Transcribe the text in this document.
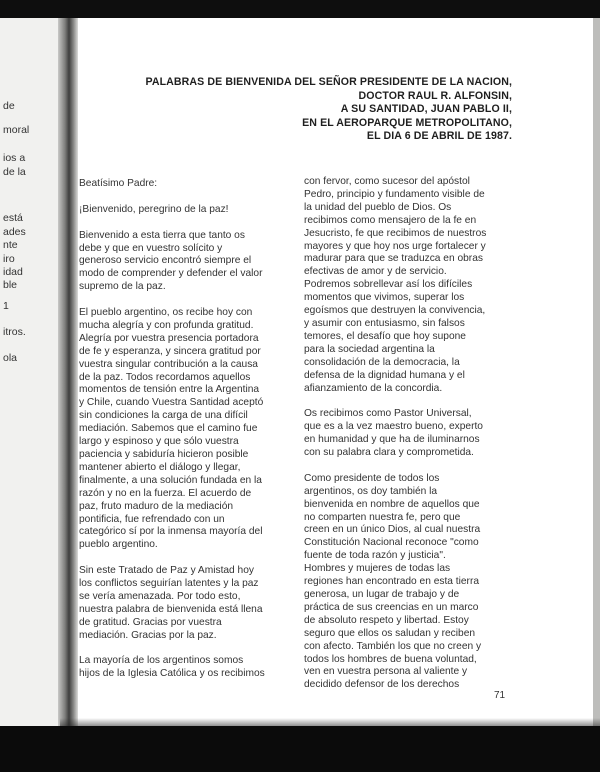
de
moral
ios a
de la
está
ades
nte
iro
idad
ble
1
itros.
ola
PALABRAS DE BIENVENIDA DEL SEÑOR PRESIDENTE DE LA NACION,
DOCTOR RAUL R. ALFONSIN,
A SU SANTIDAD, JUAN PABLO II,
EN EL AEROPARQUE METROPOLITANO,
EL DIA 6 DE ABRIL DE 1987.

Beatísimo Padre:

¡Bienvenido, peregrino de la paz!

Bienvenido a esta tierra que tanto os
debe y que en vuestro solícito y
generoso servicio encontró siempre el
modo de comprender y defender el valor
supremo de la paz.

El pueblo argentino, os recibe hoy con
mucha alegría y con profunda gratitud.
Alegría por vuestra presencia portadora
de fe y esperanza, y sincera gratitud por
vuestra singular contribución a la causa
de la paz. Todos recordamos aquellos
momentos de tensión entre la Argentina
y Chile, cuando Vuestra Santidad aceptó
sin condiciones la carga de una difícil
mediación. Sabemos que el camino fue
largo y espinoso y que sólo vuestra
paciencia y sabiduría hicieron posible
mantener abierto el diálogo y llegar,
finalmente, a una solución fundada en la
razón y no en la fuerza. El acuerdo de
paz, fruto maduro de la mediación
pontificia, fue refrendado con un
categórico sí por la inmensa mayoría del
pueblo argentino.

Sin este Tratado de Paz y Amistad hoy
los conflictos seguirían latentes y la paz
se vería amenazada. Por todo esto,
nuestra palabra de bienvenida está llena
de gratitud. Gracias por vuestra
mediación. Gracias por la paz.

La mayoría de los argentinos somos
hijos de la Iglesia Católica y os recibimos

con fervor, como sucesor del apóstol
Pedro, principio y fundamento visible de
la unidad del pueblo de Dios. Os
recibimos como mensajero de la fe en
Jesucristo, fe que recibimos de nuestros
mayores y que hoy nos urge fortalecer y
madurar para que se traduzca en obras
efectivas de amor y de servicio.
Podremos sobrellevar así los difíciles
momentos que vivimos, superar los
egoísmos que destruyen la convivencia,
y asumir con entusiasmo, sin falsos
temores, el desafío que hoy supone
para la sociedad argentina la
consolidación de la democracia, la
defensa de la dignidad humana y el
afianzamiento de la concordia.

Os recibimos como Pastor Universal,
que es a la vez maestro bueno, experto
en humanidad y que ha de iluminarnos
con su palabra clara y comprometida.

Como presidente de todos los
argentinos, os doy también la
bienvenida en nombre de aquellos que
no comparten nuestra fe, pero que
creen en un único Dios, al cual nuestra
Constitución Nacional reconoce "como
fuente de toda razón y justicia".
Hombres y mujeres de todas las
regiones han encontrado en esta tierra
generosa, un lugar de trabajo y de
práctica de sus creencias en un marco
de absoluto respeto y libertad. Estoy
seguro que ellos os saludan y reciben
con afecto. También los que no creen y
todos los hombres de buena voluntad,
ven en vuestra persona al valiente y
decidido defensor de los derechos

71
